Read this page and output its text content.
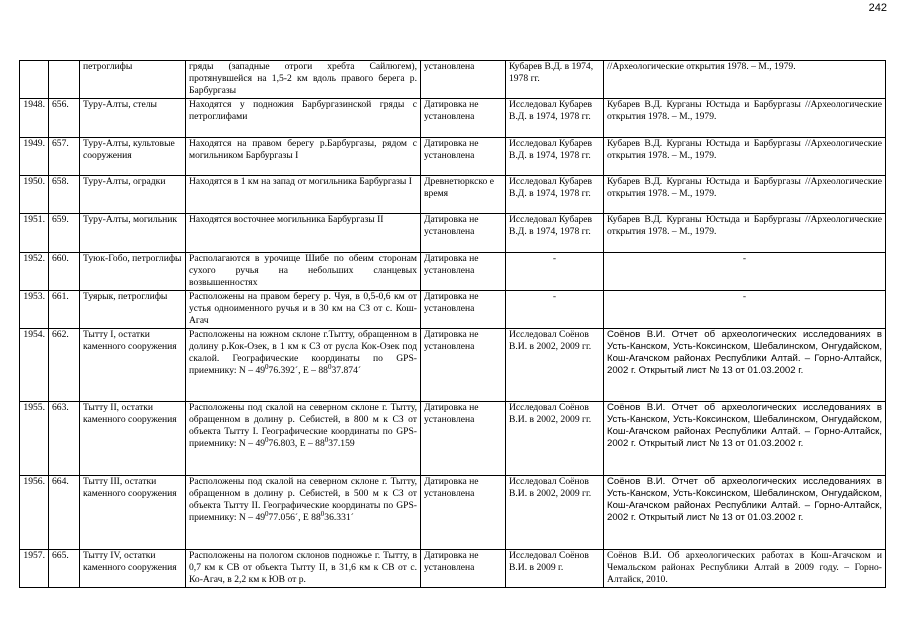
242
		петроглифы	гряды (западные отроги хребта Сайлюгем), протянувшейся на 1,5-2 км вдоль правого берега р. Барбургазы	установлена	Кубарев В.Д. в 1974, 1978 гг.	//Археологические открытия 1978. – М., 1979.
1948.	656.	Туру-Алты, стелы	Находятся у подножия Барбургазинской гряды с петроглифами	Датировка не установлена	Исследовал Кубарев В.Д. в 1974, 1978 гг.	Кубарев В.Д. Курганы Юстыда и Барбургазы //Археологические открытия 1978. – М., 1979.
1949.	657.	Туру-Алты, культовые сооружения	Находятся на правом берегу р.Барбургазы, рядом с могильником Барбургазы I	Датировка не установлена	Исследовал Кубарев В.Д. в 1974, 1978 гг.	Кубарев В.Д. Курганы Юстыда и Барбургазы //Археологические открытия 1978. – М., 1979.
1950.	658.	Туру-Алты, оградки	Находятся в 1 км на запад от могильника Барбургазы I	Древнетюркско е время	Исследовал Кубарев В.Д. в 1974, 1978 гг.	Кубарев В.Д. Курганы Юстыда и Барбургазы //Археологические открытия 1978. – М., 1979.
1951.	659.	Туру-Алты, могильник	Находятся восточнее могильника Барбургазы II	Датировка не установлена	Исследовал Кубарев В.Д. в 1974, 1978 гг.	Кубарев В.Д. Курганы Юстыда и Барбургазы //Археологические открытия 1978. – М., 1979.
1952.	660.	Туюк-Гобо, петроглифы	Располагаются в урочище Шибе по обеим сторонам сухого ручья на небольших сланцевых возвышенностях	Датировка не установлена	-	-
1953.	661.	Туярык, петроглифы	Расположены на правом берегу р. Чуя, в 0,5-0,6 км от устья одноименного ручья и в 30 км на СЗ от с. Кош-Агач	Датировка не установлена	-	-
1954.	662.	Тытту I, остатки каменного сооружения	Расположены на южном склоне г.Тытту, обращенном в долину р.Кок-Озек, в 1 км к СЗ от русла Кок-Озек под скалой. Географические координаты по GPS-приемнику: N – $49^076.392´$, E – $88^037.874´$	Датировка не установлена	Исследовал Соёнов В.И. в 2002, 2009 гг.	Соёнов В.И. Отчет об археологических исследованиях в Усть-Канском, Усть-Коксинском, Шебалинском, Онгудайском, Кош-Агачском районах Республики Алтай. – Горно-Алтайск, 2002 г. Открытый лист № 13 от 01.03.2002 г.
1955.	663.	Тытту II, остатки каменного сооружения	Расположены под скалой на северном склоне г. Тытту, обращенном в долину р. Себистей, в 800 м к СЗ от объекта Тытту I. Географические координаты по GPS-приемнику: N – $49^076.803$, E – $88^037.159$	Датировка не установлена	Исследовал Соёнов В.И. в 2002, 2009 гг.	Соёнов В.И. Отчет об археологических исследованиях в Усть-Канском, Усть-Коксинском, Шебалинском, Онгудайском, Кош-Агачском районах Республики Алтай. – Горно-Алтайск, 2002 г. Открытый лист № 13 от 01.03.2002 г.
1956.	664.	Тытту III, остатки каменного сооружения	Расположены под скалой на северном склоне г. Тытту, обращенном в долину р. Себистей, в 500 м к СЗ от объекта Тытту II. Географические координаты по GPS-приемнику: N – $49^077.056´$, E $88^036.331´$	Датировка не установлена	Исследовал Соёнов В.И. в 2002, 2009 гг.	Соёнов В.И. Отчет об археологических исследованиях в Усть-Канском, Усть-Коксинском, Шебалинском, Онгудайском, Кош-Агачском районах Республики Алтай. – Горно-Алтайск, 2002 г. Открытый лист № 13 от 01.03.2002 г.
1957.	665.	Тытту IV, остатки каменного сооружения	Расположены на пологом склонов подножье г. Тытту, в 0,7 км к СВ от объекта Тытту II, в 31,6 км к СВ от с. Ко-Агач, в 2,2 км к ЮВ от р.	Датировка не установлена	Исследовал Соёнов В.И. в 2009 г.	Соёнов В.И. Об археологических работах в Кош-Агачском и Чемальском районах Республики Алтай в 2009 году. – Горно-Алтайск, 2010.
